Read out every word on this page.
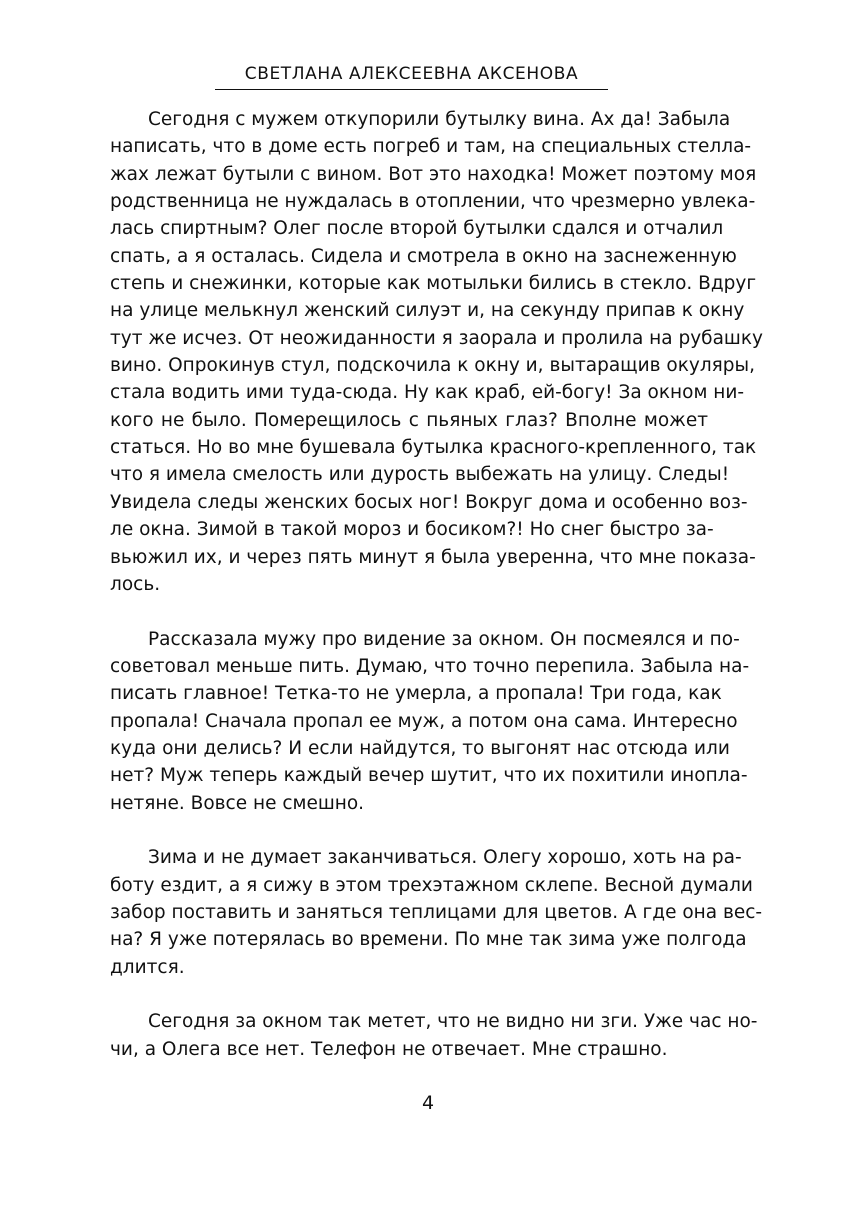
СВЕТЛАНА АЛЕКСЕЕВНА АКСЕНОВА
Сегодня с мужем откупорили бутылку вина. Ах да! Забыла
написать, что в доме есть погреб и там, на специальных стелла-
жах лежат бутыли с вином. Вот это находка! Может поэтому моя
родственница не нуждалась в отоплении, что чрезмерно увлека-
лась спиртным? Олег после второй бутылки сдался и отчалил
спать, а я осталась. Сидела и смотрела в окно на заснеженную
степь и снежинки, которые как мотыльки бились в стекло. Вдруг
на улице мелькнул женский силуэт и, на секунду припав к окну
тут же исчез. От неожиданности я заорала и пролила на рубашку
вино. Опрокинув стул, подскочила к окну и, вытаращив окуляры,
стала водить ими туда-сюда. Ну как краб, ей-богу! За окном ни-
кого не было. Померещилось с пьяных глаз? Вполне может
статься. Но во мне бушевала бутылка красного-крепленного, так
что я имела смелость или дурость выбежать на улицу. Следы!
Увидела следы женских босых ног! Вокруг дома и особенно воз-
ле окна. Зимой в такой мороз и босиком?! Но снег быстро за-
вьюжил их, и через пять минут я была уверенна, что мне показа-
лось.
Рассказала мужу про видение за окном. Он посмеялся и по-
советовал меньше пить. Думаю, что точно перепила. Забыла на-
писать главное! Тетка-то не умерла, а пропала! Три года, как
пропала! Сначала пропал ее муж, а потом она сама. Интересно
куда они делись? И если найдутся, то выгонят нас отсюда или
нет? Муж теперь каждый вечер шутит, что их похитили инопла-
нетяне. Вовсе не смешно.
Зима и не думает заканчиваться. Олегу хорошо, хоть на ра-
боту ездит, а я сижу в этом трехэтажном склепе. Весной думали
забор поставить и заняться теплицами для цветов. А где она вес-
на? Я уже потерялась во времени. По мне так зима уже полгода
длится.
Сегодня за окном так метет, что не видно ни зги. Уже час но-
чи, а Олега все нет. Телефон не отвечает. Мне страшно.
4
